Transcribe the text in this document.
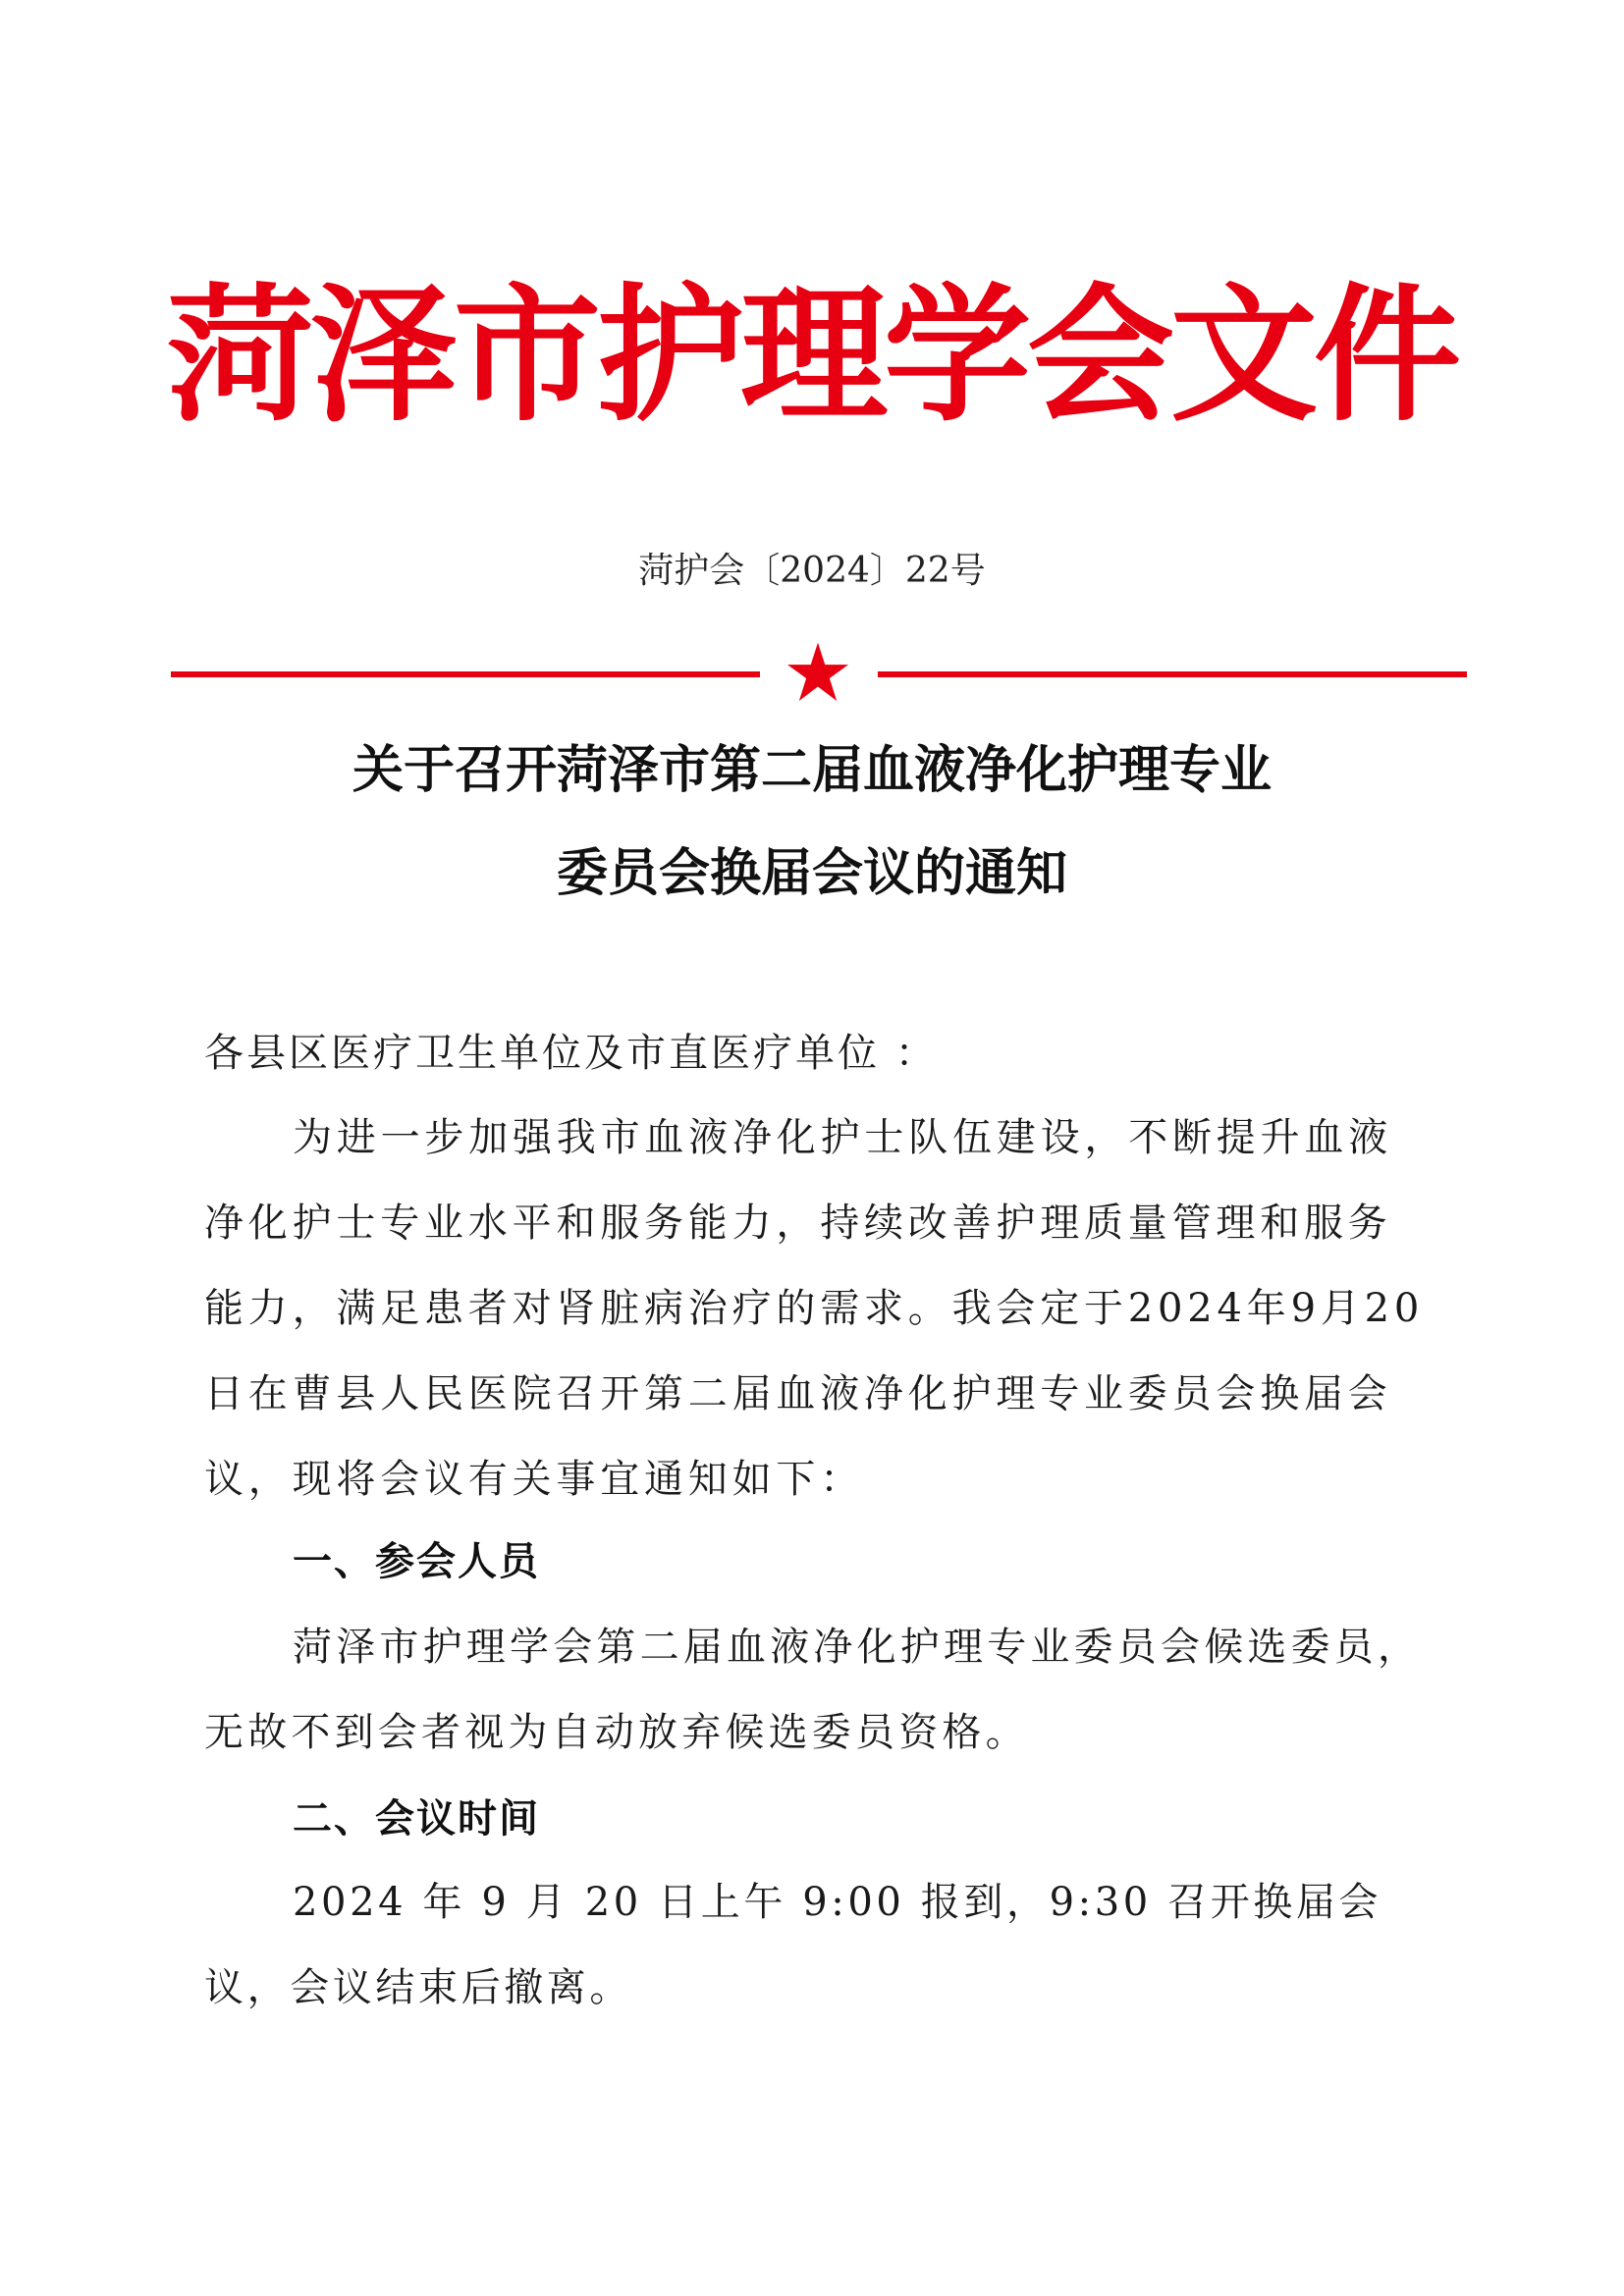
菏泽市护理学会文件
菏护会〔2024〕22号
关于召开菏泽市第二届血液净化护理专业
委员会换届会议的通知
各县区医疗卫生单位及市直医疗单位 ：
为进一步加强我市血液净化护士队伍建设，不断提升血液净化护士专业水平和服务能力，持续改善护理质量管理和服务能力，满足患者对肾脏病治疗的需求。我会定于2024年9月20日在曹县人民医院召开第二届血液净化护理专业委员会换届会议，现将会议有关事宜通知如下：
一、参会人员
菏泽市护理学会第二届血液净化护理专业委员会候选委员，无故不到会者视为自动放弃候选委员资格。
二、会议时间
2024 年 9 月 20 日上午 9:00 报到，9:30 召开换届会议，会议结束后撤离。
